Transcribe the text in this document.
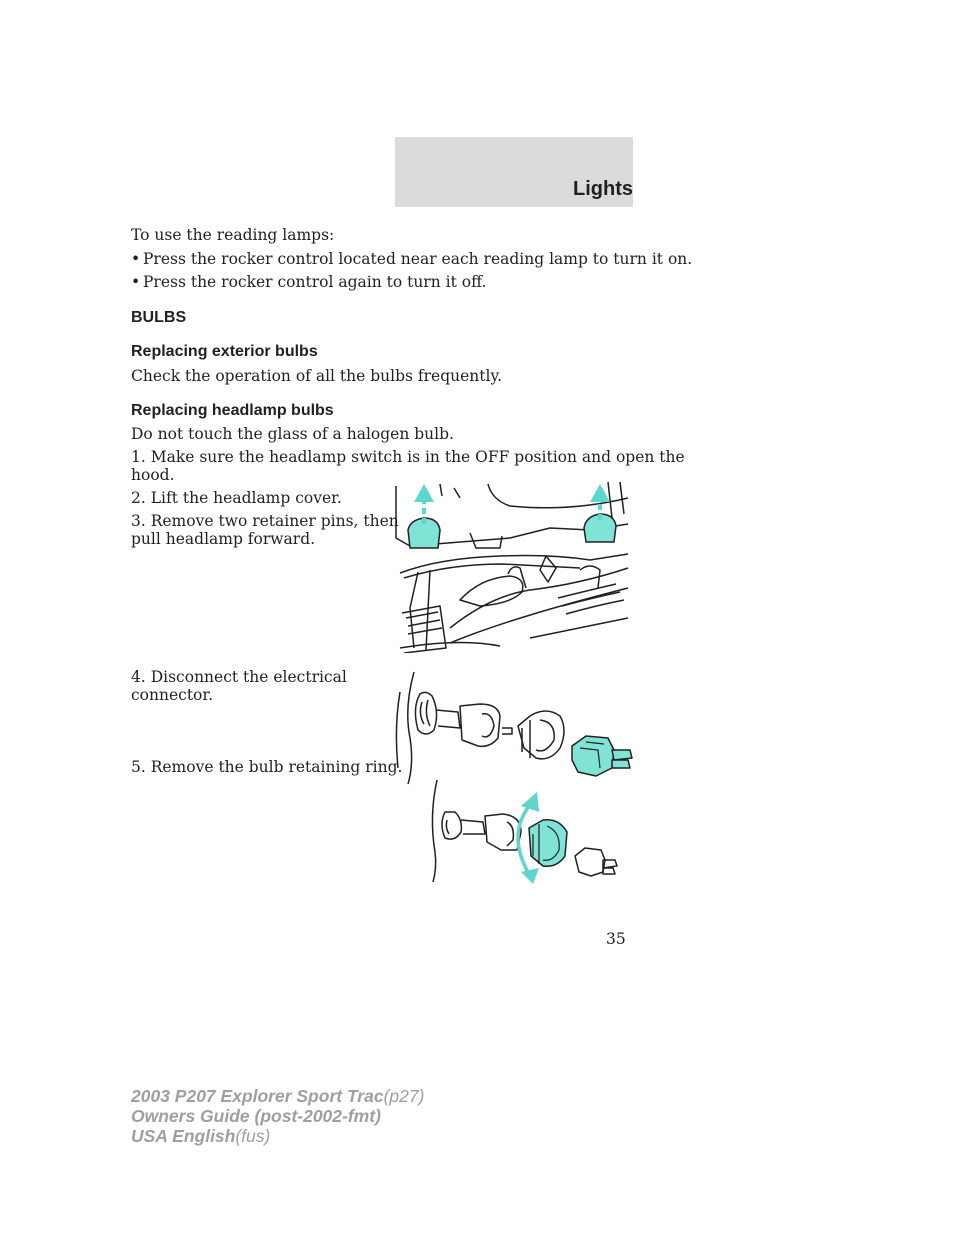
Lights
To use the reading lamps:
• Press the rocker control located near each reading lamp to turn it on.
• Press the rocker control again to turn it off.
BULBS
Replacing exterior bulbs
Check the operation of all the bulbs frequently.
Replacing headlamp bulbs
Do not touch the glass of a halogen bulb.
1. Make sure the headlamp switch is in the OFF position and open the
hood.
2. Lift the headlamp cover.
3. Remove two retainer pins, then
pull headlamp forward.
4. Disconnect the electrical
connector.
5. Remove the bulb retaining ring.
35
2003 P207 Explorer Sport Trac(p27)
Owners Guide (post-2002-fmt)
USA English(fus)
